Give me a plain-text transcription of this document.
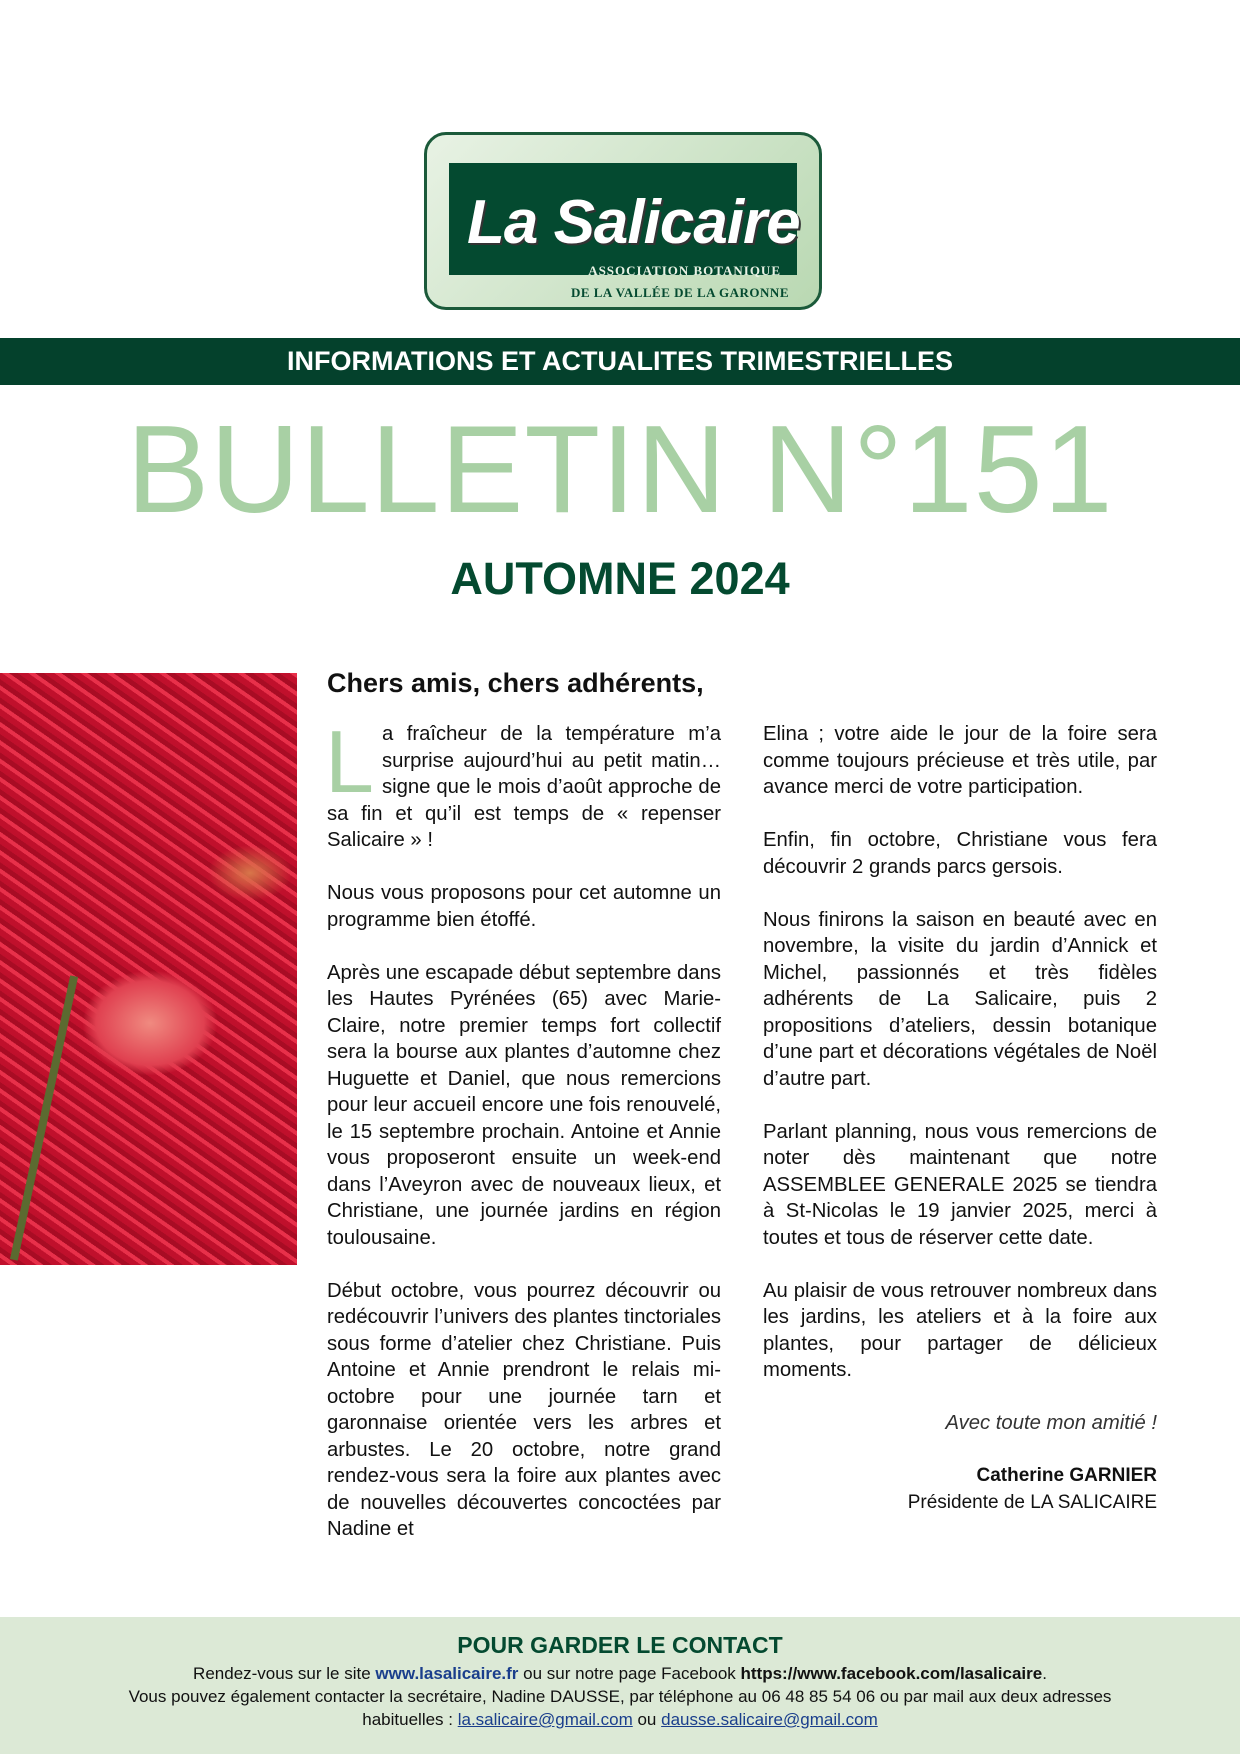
La Salicaire
ASSOCIATION BOTANIQUE
DE LA VALLÉE DE LA GARONNE
INFORMATIONS ET ACTUALITES TRIMESTRIELLES
BULLETIN N°151
AUTOMNE 2024
Chers amis, chers adhérents,

La fraîcheur de la température m’a surprise aujourd’hui au petit matin… signe que le mois d’août approche de sa fin et qu’il est temps de « repenser Salicaire » !

Nous vous proposons pour cet automne un programme bien étoffé.

Après une escapade début septembre dans les Hautes Pyrénées (65) avec Marie-Claire, notre premier temps fort collectif sera la bourse aux plantes d’automne chez Huguette et Daniel, que nous remercions pour leur accueil encore une fois renouvelé, le 15 septembre prochain. Antoine et Annie vous proposeront ensuite un week-end dans l’Aveyron avec de nouveaux lieux, et Christiane, une journée jardins en région toulousaine.

Début octobre, vous pourrez découvrir ou redécouvrir l’univers des plantes tinctoriales sous forme d’atelier chez Christiane. Puis Antoine et Annie prendront le relais mi-octobre pour une journée tarn et garonnaise orientée vers les arbres et arbustes. Le 20 octobre, notre grand rendez-vous sera la foire aux plantes avec de nouvelles découvertes concoctées par Nadine et

Elina ; votre aide le jour de la foire sera comme toujours précieuse et très utile, par avance merci de votre participation.

Enfin, fin octobre, Christiane vous fera découvrir 2 grands parcs gersois.

Nous finirons la saison en beauté avec en novembre, la visite du jardin d’Annick et Michel, passionnés et très fidèles adhérents de La Salicaire, puis 2 propositions d’ateliers, dessin botanique d’une part et décorations végétales de Noël d’autre part.

Parlant planning, nous vous remercions de noter dès maintenant que notre ASSEMBLEE GENERALE 2025 se tiendra à St-Nicolas le 19 janvier 2025, merci à toutes et tous de réserver cette date.

Au plaisir de vous retrouver nombreux dans les jardins, les ateliers et à la foire aux plantes, pour partager de délicieux moments.

Avec toute mon amitié !

Catherine GARNIER
Présidente de LA SALICAIRE
POUR GARDER LE CONTACT
Rendez-vous sur le site www.lasalicaire.fr ou sur notre page Facebook https://www.facebook.com/lasalicaire.
Vous pouvez également contacter la secrétaire, Nadine DAUSSE, par téléphone au 06 48 85 54 06 ou par mail aux deux adresses
habituelles : la.salicaire@gmail.com ou dausse.salicaire@gmail.com
